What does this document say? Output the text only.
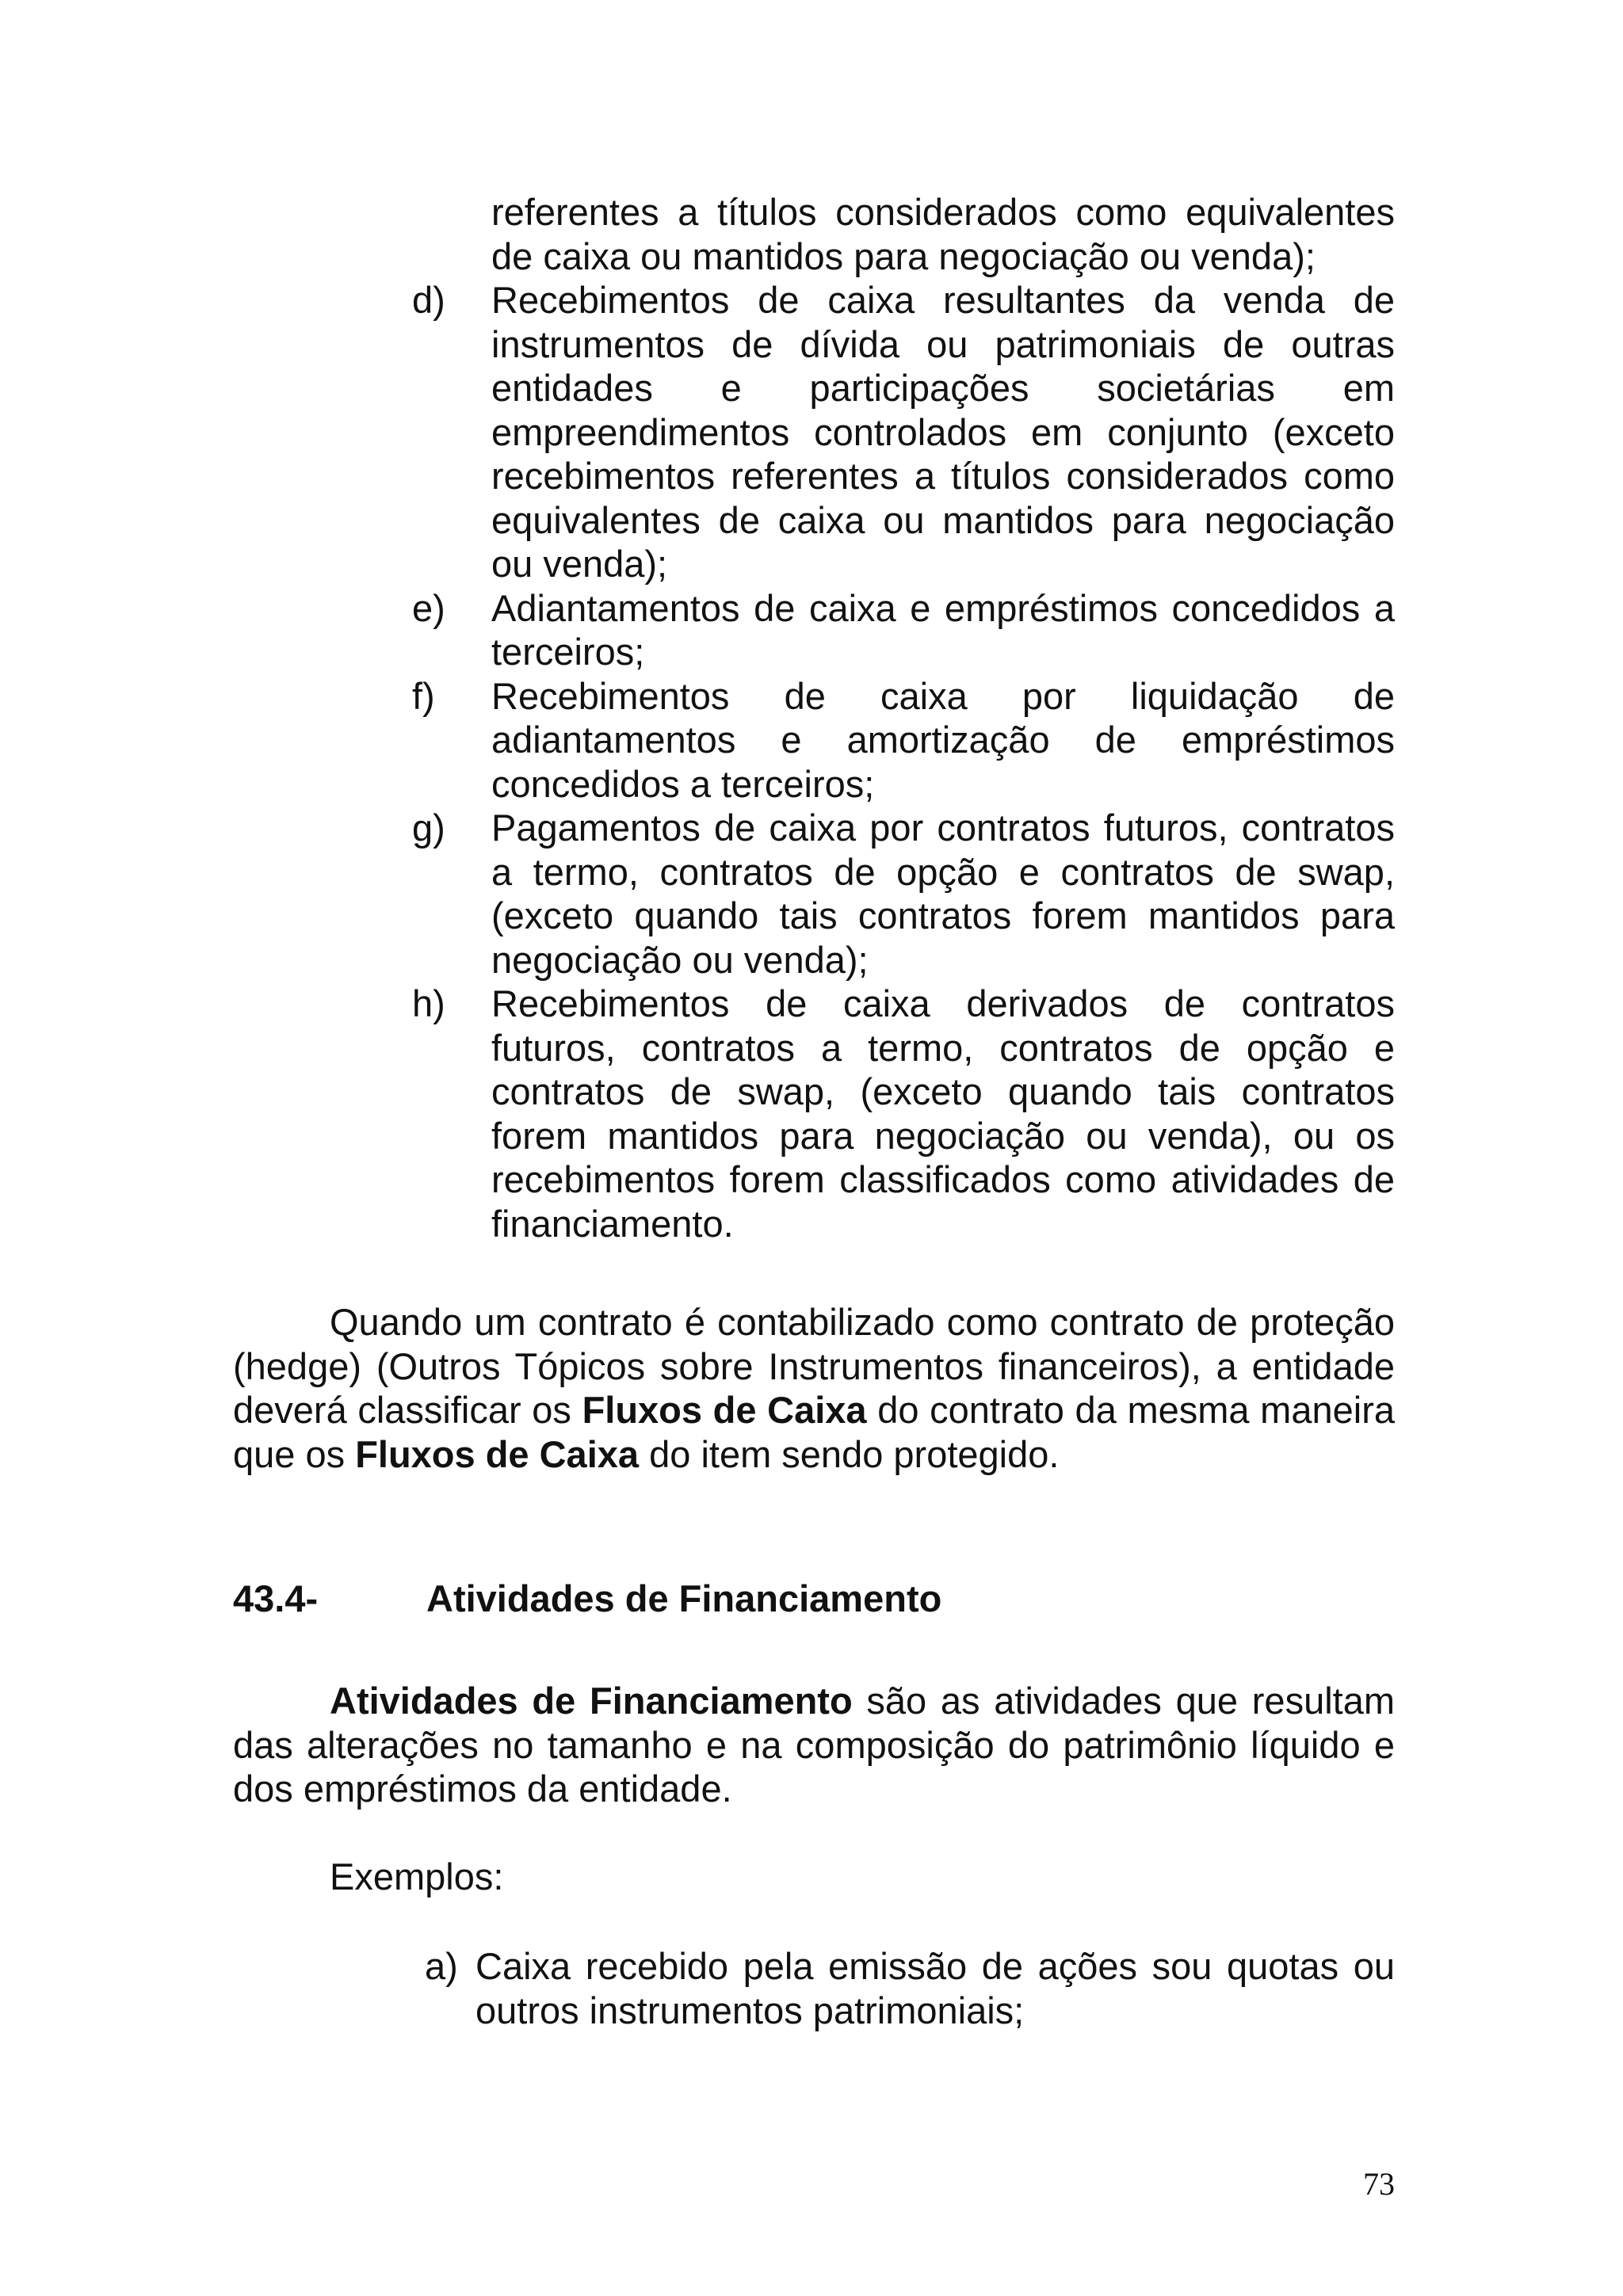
referentes a títulos considerados como equivalentes de caixa ou mantidos para negociação ou venda);
d)	Recebimentos de caixa resultantes da venda de instrumentos de dívida ou patrimoniais de outras entidades e participações societárias em empreendimentos controlados em conjunto (exceto recebimentos referentes a títulos considerados como equivalentes de caixa ou mantidos para negociação ou venda);
e)	Adiantamentos de caixa e empréstimos concedidos a terceiros;
f)	Recebimentos de caixa por liquidação de adiantamentos e amortização de empréstimos concedidos a terceiros;
g)	Pagamentos de caixa por contratos futuros, contratos a termo, contratos de opção e contratos de swap, (exceto quando tais contratos forem mantidos para negociação ou venda);
h)	Recebimentos de caixa derivados de contratos futuros, contratos a termo, contratos de opção e contratos de swap, (exceto quando tais contratos forem mantidos para negociação ou venda), ou os recebimentos forem classificados como atividades de financiamento.

Quando um contrato é contabilizado como contrato de proteção (hedge) (Outros Tópicos sobre Instrumentos financeiros), a entidade deverá classificar os Fluxos de Caixa do contrato da mesma maneira que os Fluxos de Caixa do item sendo protegido.

43.4-	Atividades de Financiamento

Atividades de Financiamento são as atividades que resultam das alterações no tamanho e na composição do patrimônio líquido e dos empréstimos da entidade.

Exemplos:
a) Caixa recebido pela emissão de ações sou quotas ou outros instrumentos patrimoniais;
73
